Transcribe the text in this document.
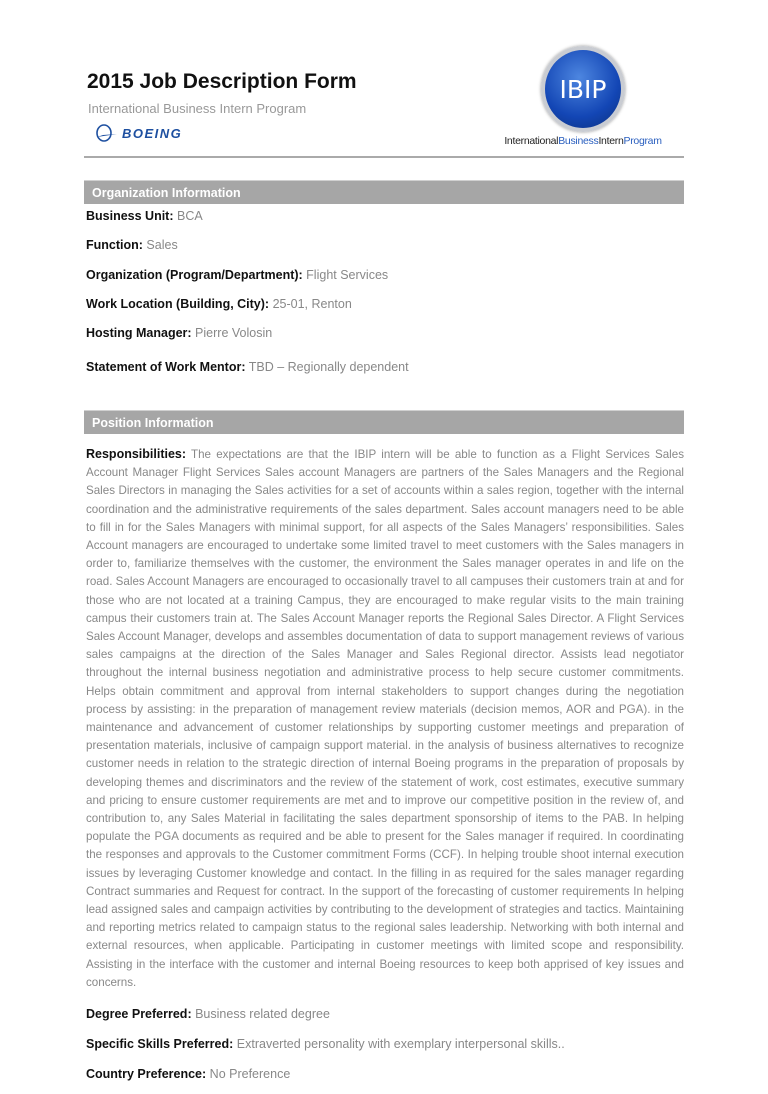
2015 Job Description Form
International Business Intern Program
BOEING
IBIP
InternationalBusinessInternProgram
Organization Information
Business Unit: BCA
Function: Sales
Organization (Program/Department): Flight Services
Work Location (Building, City): 25-01, Renton
Hosting Manager: Pierre Volosin
Statement of Work Mentor: TBD – Regionally dependent
Position Information
Responsibilities: The expectations are that the IBIP intern will be able to function as a Flight Services Sales Account Manager Flight Services Sales account Managers are partners of the Sales Managers and the Regional Sales Directors in managing the Sales activities for a set of accounts within a sales region, together with the internal coordination and the administrative requirements of the sales department. Sales account managers need to be able to fill in for the Sales Managers with minimal support, for all aspects of the Sales Managers’ responsibilities. Sales Account managers are encouraged to undertake some limited travel to meet customers with the Sales managers in order to, familiarize themselves with the customer, the environment the Sales manager operates in and life on the road. Sales Account Managers are encouraged to occasionally travel to all campuses their customers train at and for those who are not located at a training Campus, they are encouraged to make regular visits to the main training campus their customers train at. The Sales Account Manager reports the Regional Sales Director. A Flight Services Sales Account Manager, develops and assembles documentation of data to support management reviews of various sales campaigns at the direction of the Sales Manager and Sales Regional director. Assists lead negotiator throughout the internal business negotiation and administrative process to help secure customer commitments. Helps obtain commitment and approval from internal stakeholders to support changes during the negotiation process by assisting: in the preparation of management review materials (decision memos, AOR and PGA). in the maintenance and advancement of customer relationships by supporting customer meetings and preparation of presentation materials, inclusive of campaign support material. in the analysis of business alternatives to recognize customer needs in relation to the strategic direction of internal Boeing programs in the preparation of proposals by developing themes and discriminators and the review of the statement of work, cost estimates, executive summary and pricing to ensure customer requirements are met and to improve our competitive position in the review of, and contribution to, any Sales Material in facilitating the sales department sponsorship of items to the PAB. In helping populate the PGA documents as required and be able to present for the Sales manager if required. In coordinating the responses and approvals to the Customer commitment Forms (CCF). In helping trouble shoot internal execution issues by leveraging Customer knowledge and contact. In the filling in as required for the sales manager regarding Contract summaries and Request for contract. In the support of the forecasting of customer requirements In helping lead assigned sales and campaign activities by contributing to the development of strategies and tactics. Maintaining and reporting metrics related to campaign status to the regional sales leadership. Networking with both internal and external resources, when applicable. Participating in customer meetings with limited scope and responsibility. Assisting in the interface with the customer and internal Boeing resources to keep both apprised of key issues and concerns.
Degree Preferred: Business related degree
Specific Skills Preferred: Extraverted personality with exemplary interpersonal skills..
Country Preference: No Preference
